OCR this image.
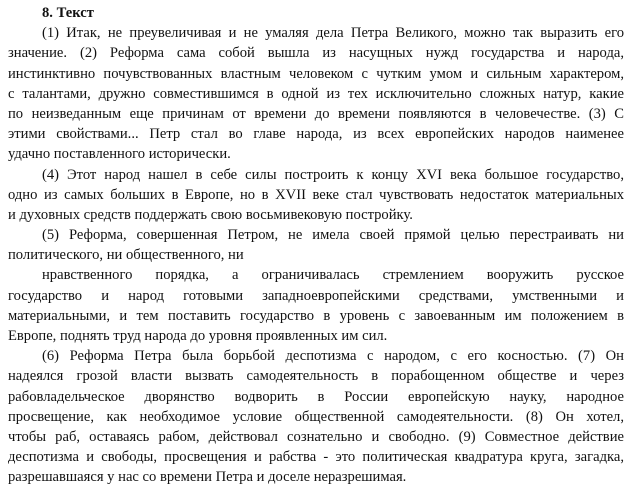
8. Текст
(1) Итак, не преувеличивая и не умаляя дела Петра Великого, можно так выразить его
значение. (2) Реформа сама собой вышла из насущных нужд государства и народа,
инстинктивно почувствованных властным человеком с чутким умом и сильным характером,
с талантами, дружно совместившимся в одной из тех исключительно сложных натур, какие
по неизведанным еще причинам от времени до времени появляются в человечестве. (3) С
этими свойствами... Петр стал во главе народа, из всех европейских народов наименее
удачно поставленного исторически.
(4) Этот народ нашел в себе силы построить к концу XVI века большое государство,
одно из самых больших в Европе, но в XVII веке стал чувствовать недостаток материальных
и духовных средств поддержать свою восьмивековую постройку.
(5) Реформа, совершенная Петром, не имела своей прямой целью перестраивать ни
политического, ни общественного, ни
нравственного порядка, а ограничивалась стремлением вооружить русское
государство и народ готовыми западноевропейскими средствами, умственными и
материальными, и тем поставить государство в уровень с завоеванным им положением в
Европе, поднять труд народа до уровня проявленных им сил.
(6) Реформа Петра была борьбой деспотизма с народом, с его косностью. (7) Он
надеялся грозой власти вызвать самодеятельность в порабощенном обществе и через
рабовладельческое дворянство водворить в России европейскую науку, народное
просвещение, как необходимое условие общественной самодеятельности. (8) Он хотел,
чтобы раб, оставаясь рабом, действовал сознательно и свободно. (9) Совместное действие
деспотизма и свободы, просвещения и рабства - это политическая квадратура круга, загадка,
разрешавшаяся у нас со времени Петра и доселе неразрешимая.
